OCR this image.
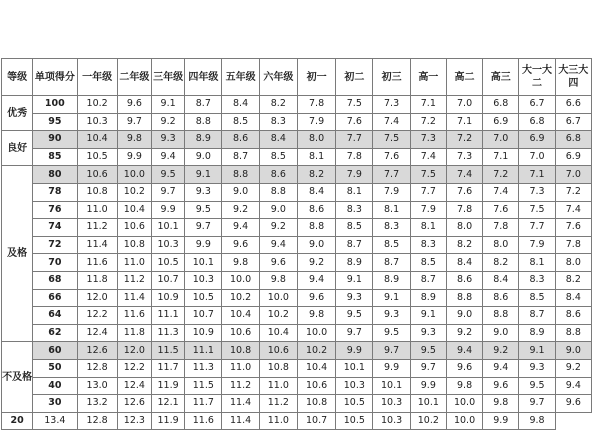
等级	单项得分	一年级	二年级	三年级	四年级	五年级	六年级	初一	初二	初三	高一	高二	高三	大一大二	大三大四
优秀	100	10.2	9.6	9.1	8.7	8.4	8.2	7.8	7.5	7.3	7.1	7.0	6.8	6.7	6.6
	95	10.3	9.7	9.2	8.8	8.5	8.3	7.9	7.6	7.4	7.2	7.1	6.9	6.8	6.7
良好	90	10.4	9.8	9.3	8.9	8.6	8.4	8.0	7.7	7.5	7.3	7.2	7.0	6.9	6.8
	85	10.5	9.9	9.4	9.0	8.7	8.5	8.1	7.8	7.6	7.4	7.3	7.1	7.0	6.9
及格	80	10.6	10.0	9.5	9.1	8.8	8.6	8.2	7.9	7.7	7.5	7.4	7.2	7.1	7.0
	78	10.8	10.2	9.7	9.3	9.0	8.8	8.4	8.1	7.9	7.7	7.6	7.4	7.3	7.2
	76	11.0	10.4	9.9	9.5	9.2	9.0	8.6	8.3	8.1	7.9	7.8	7.6	7.5	7.4
	74	11.2	10.6	10.1	9.7	9.4	9.2	8.8	8.5	8.3	8.1	8.0	7.8	7.7	7.6
	72	11.4	10.8	10.3	9.9	9.6	9.4	9.0	8.7	8.5	8.3	8.2	8.0	7.9	7.8
	70	11.6	11.0	10.5	10.1	9.8	9.6	9.2	8.9	8.7	8.5	8.4	8.2	8.1	8.0
	68	11.8	11.2	10.7	10.3	10.0	9.8	9.4	9.1	8.9	8.7	8.6	8.4	8.3	8.2
	66	12.0	11.4	10.9	10.5	10.2	10.0	9.6	9.3	9.1	8.9	8.8	8.6	8.5	8.4
	64	12.2	11.6	11.1	10.7	10.4	10.2	9.8	9.5	9.3	9.1	9.0	8.8	8.7	8.6
	62	12.4	11.8	11.3	10.9	10.6	10.4	10.0	9.7	9.5	9.3	9.2	9.0	8.9	8.8
不及格	60	12.6	12.0	11.5	11.1	10.8	10.6	10.2	9.9	9.7	9.5	9.4	9.2	9.1	9.0
	50	12.8	12.2	11.7	11.3	11.0	10.8	10.4	10.1	9.9	9.7	9.6	9.4	9.3	9.2
	40	13.0	12.4	11.9	11.5	11.2	11.0	10.6	10.3	10.1	9.9	9.8	9.6	9.5	9.4
	30	13.2	12.6	12.1	11.7	11.4	11.2	10.8	10.5	10.3	10.1	10.0	9.8	9.7	9.6
20	13.4	12.8	12.3	11.9	11.6	11.4	11.0	10.7	10.5	10.3	10.2	10.0	9.9	9.8	
